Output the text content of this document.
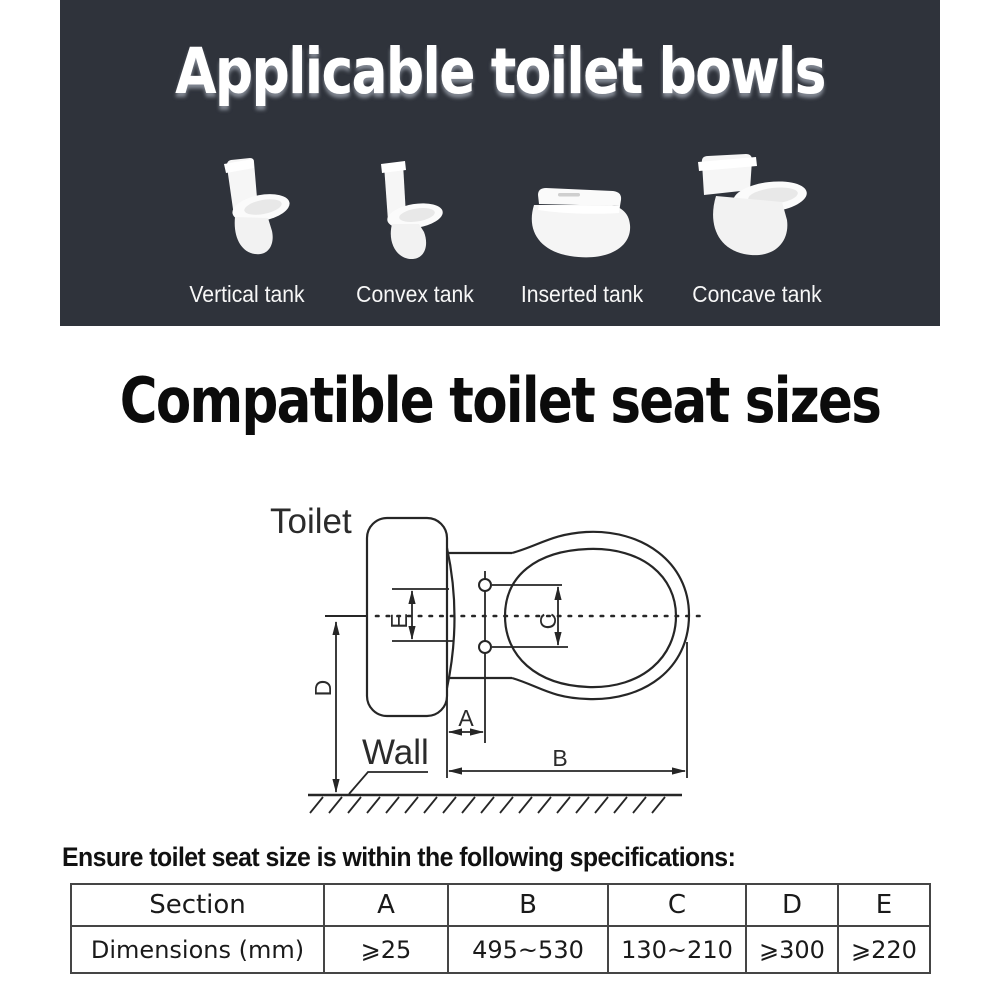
Applicable toilet bowls
Vertical tank Convex tank Inserted tank Concave tank
Compatible toilet seat sizes
Toilet
Wall
A
B
C
D
E
Ensure toilet seat size is within the following specifications:
Section	A	B	C	D	E
Dimensions (mm)	⩾25	495~530	130~210	⩾300	⩾220
